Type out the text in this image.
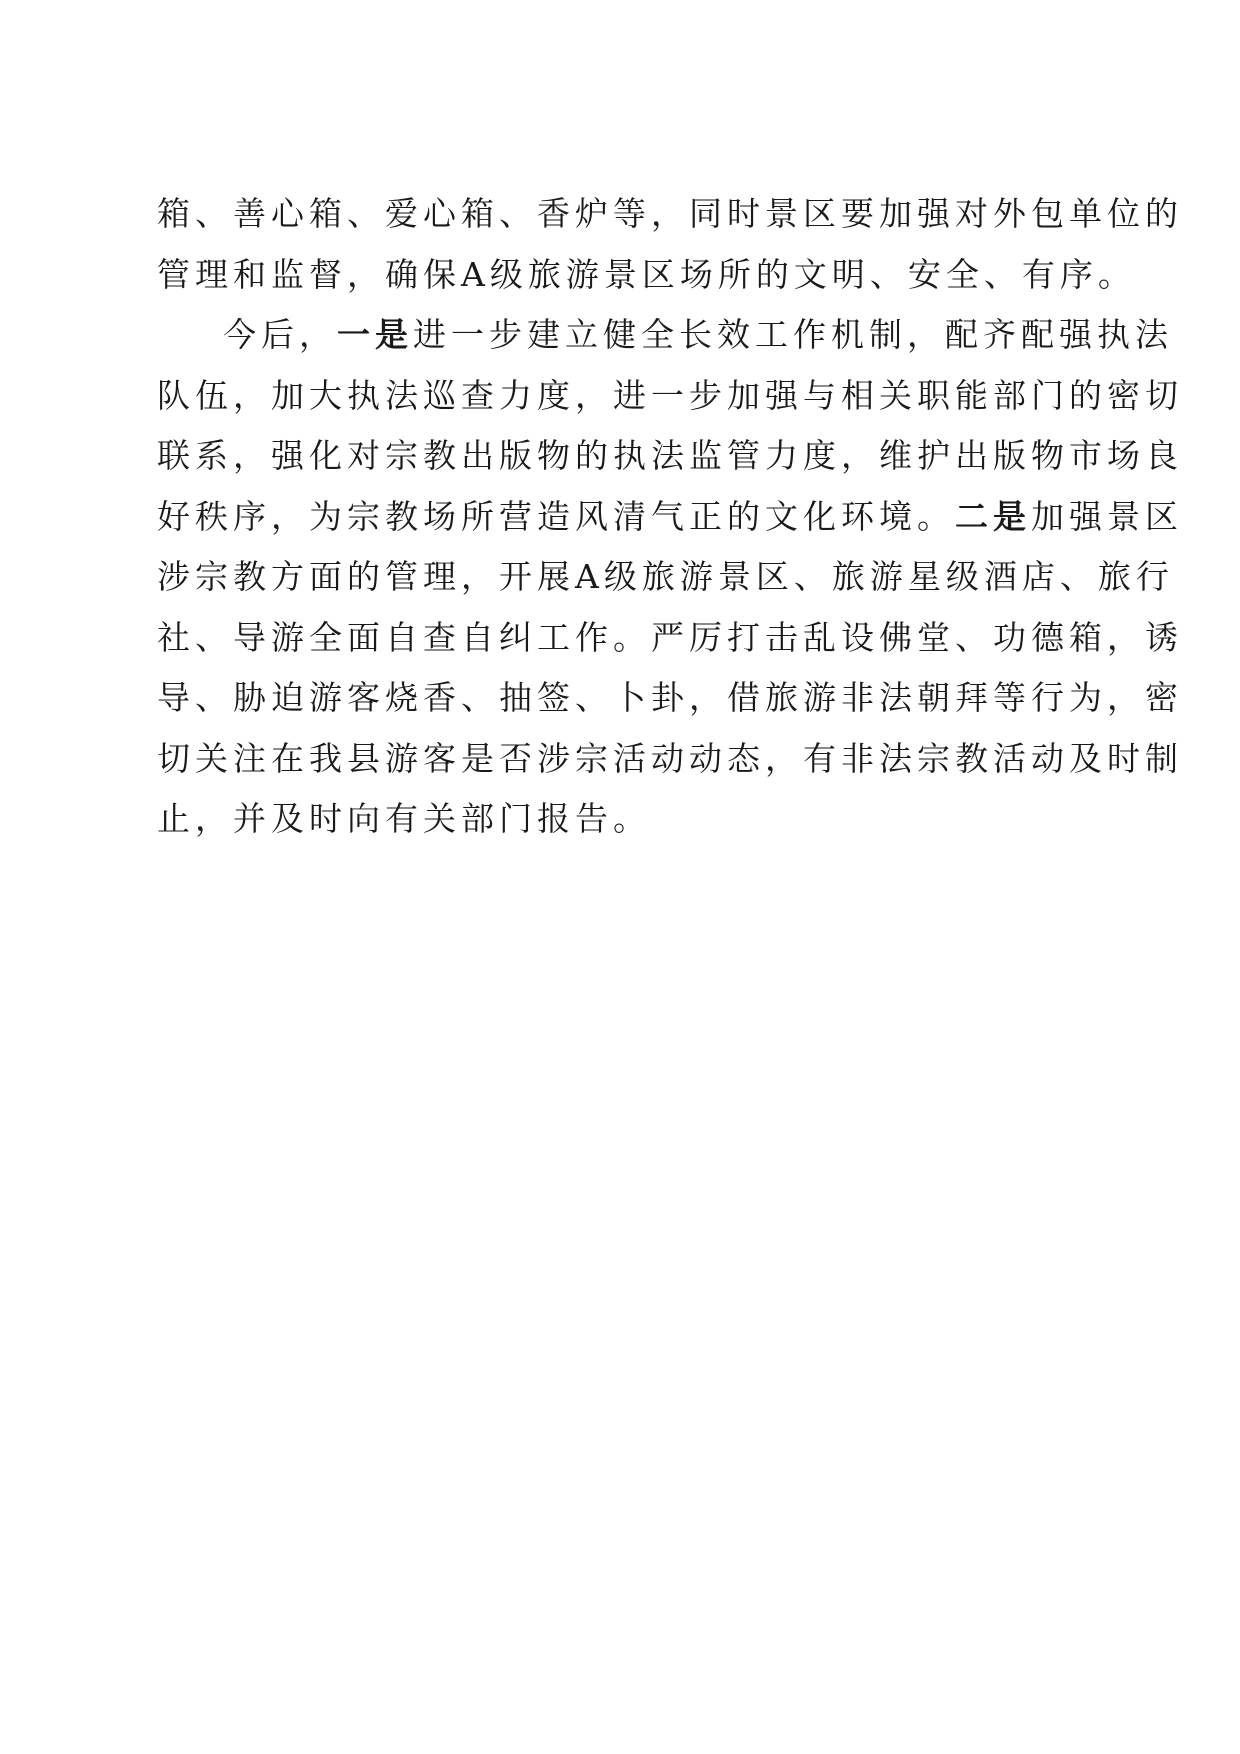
箱、善心箱、爱心箱、香炉等，同时景区要加强对外包单位的
管理和监督，确保A级旅游景区场所的文明、安全、有序。
今后，一是进一步建立健全长效工作机制，配齐配强执法
队伍，加大执法巡查力度，进一步加强与相关职能部门的密切
联系，强化对宗教出版物的执法监管力度，维护出版物市场良
好秩序，为宗教场所营造风清气正的文化环境。二是加强景区
涉宗教方面的管理，开展A级旅游景区、旅游星级酒店、旅行
社、导游全面自查自纠工作。严厉打击乱设佛堂、功德箱，诱
导、胁迫游客烧香、抽签、卜卦，借旅游非法朝拜等行为，密
切关注在我县游客是否涉宗活动动态，有非法宗教活动及时制
止，并及时向有关部门报告。
